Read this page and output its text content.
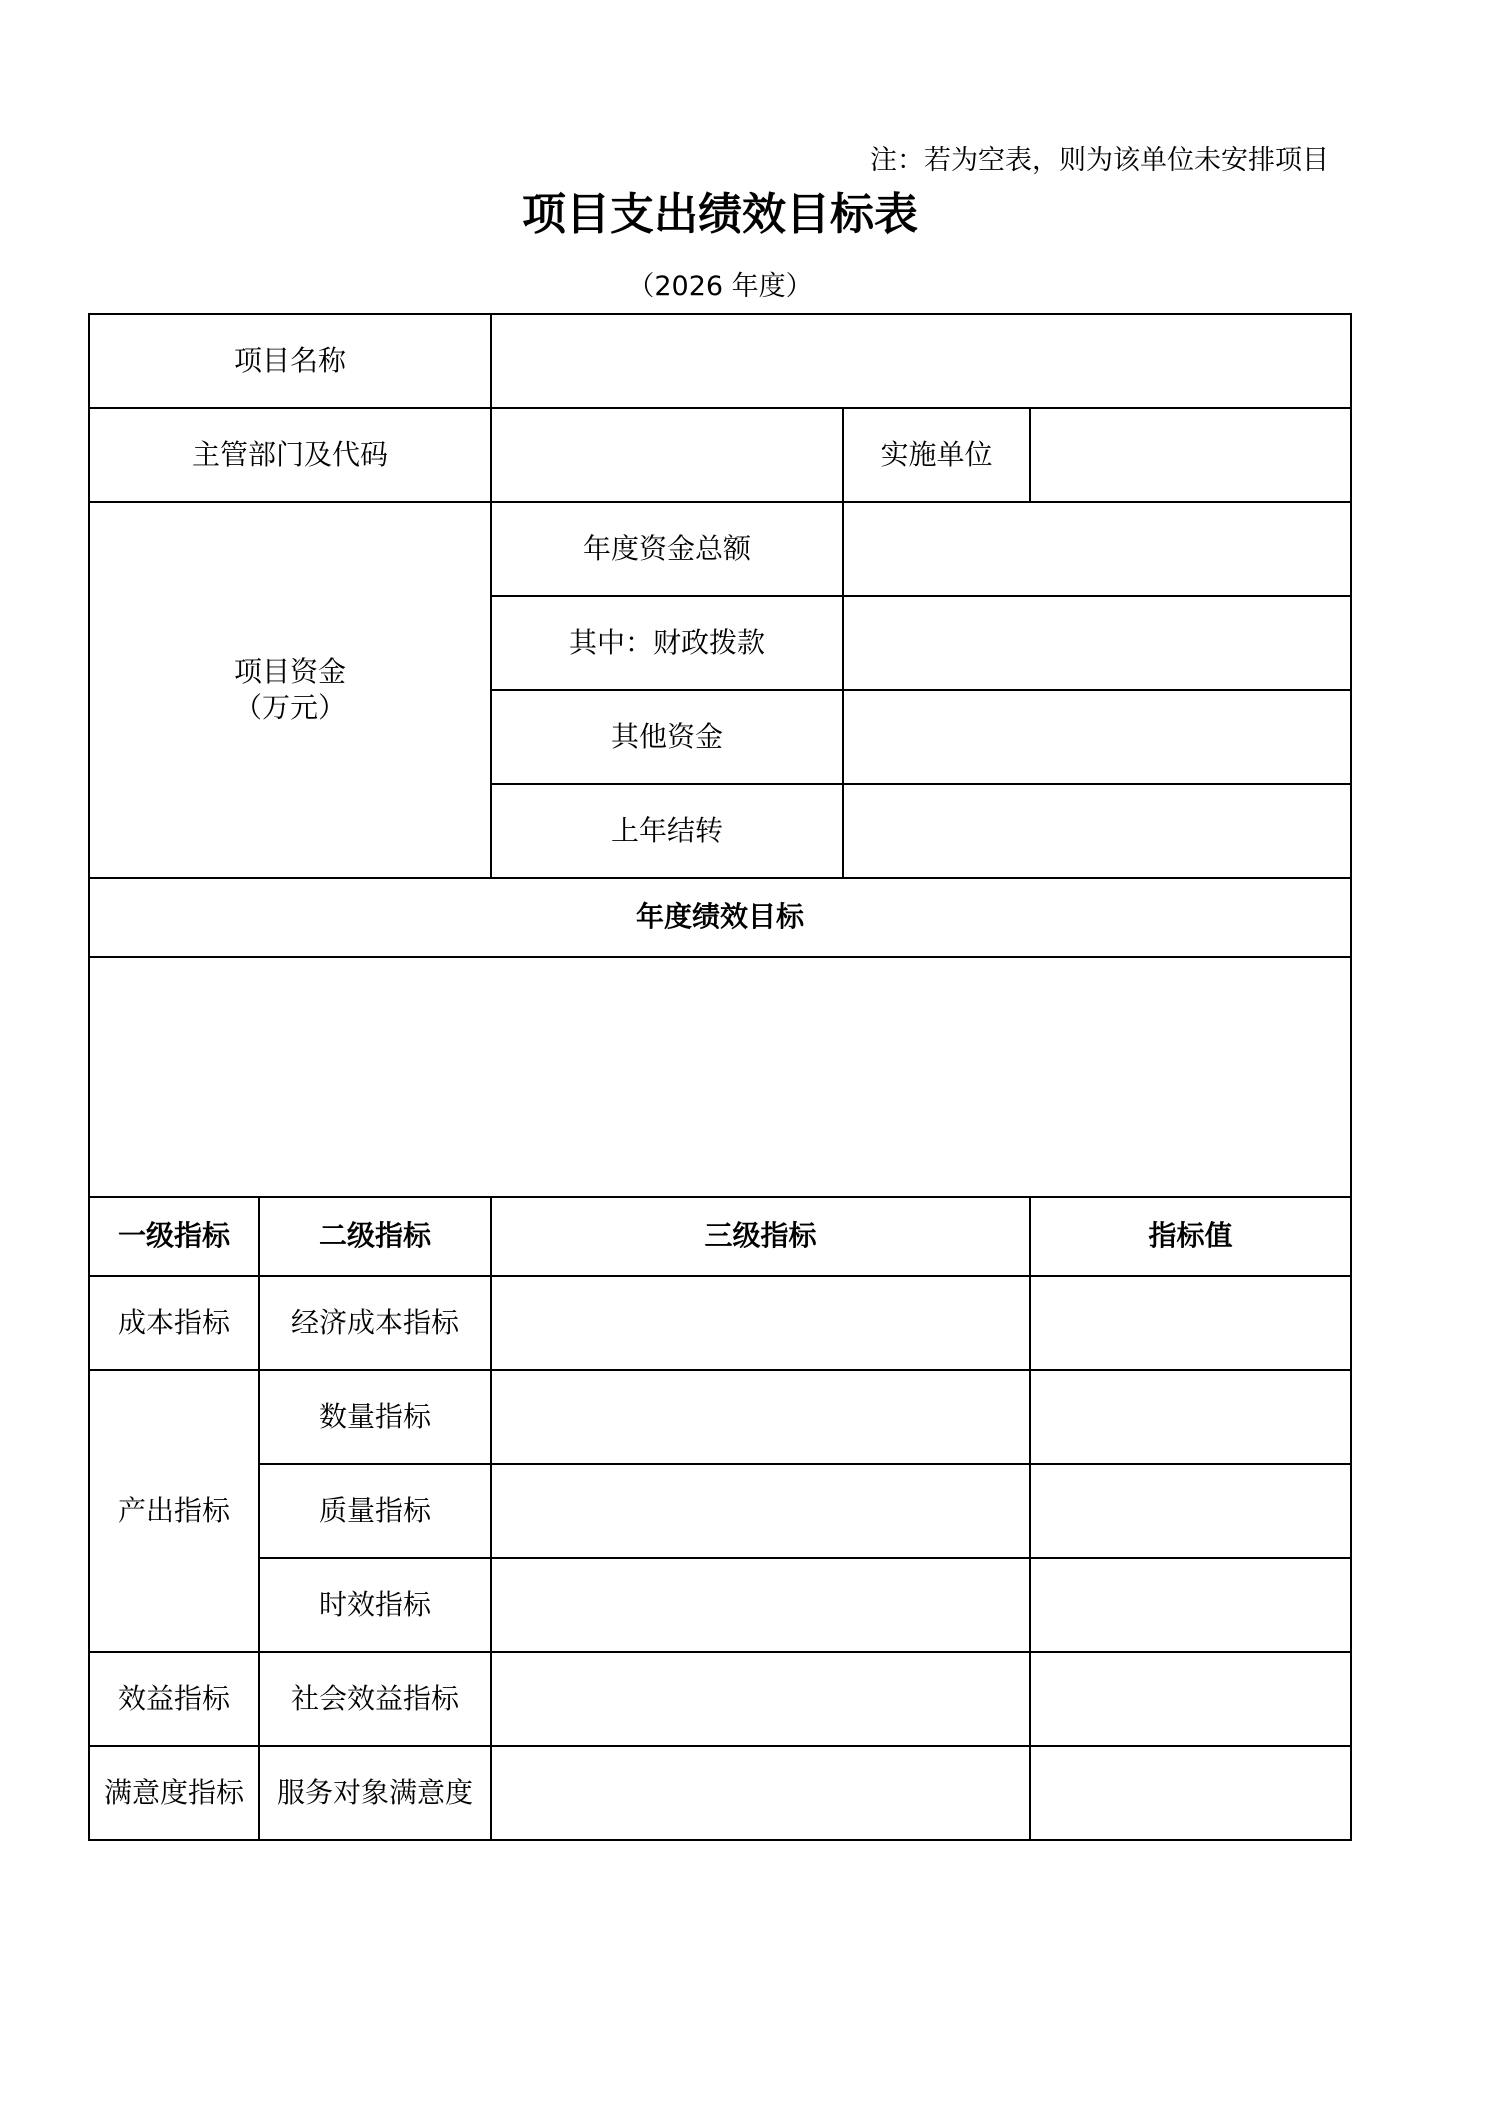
注：若为空表，则为该单位未安排项目
项目支出绩效目标表
（2026 年度）
项目名称				
主管部门及代码			实施单位	

项目资金
（万元）		年度资金总额		
		其中：财政拨款		
		其他资金		
		上年结转		
年度绩效目标				

一级指标	二级指标	三级指标		指标值
成本指标	经济成本指标			
产出指标	数量指标			
	质量指标			
	时效指标			
效益指标	社会效益指标			
满意度指标	服务对象满意度			
